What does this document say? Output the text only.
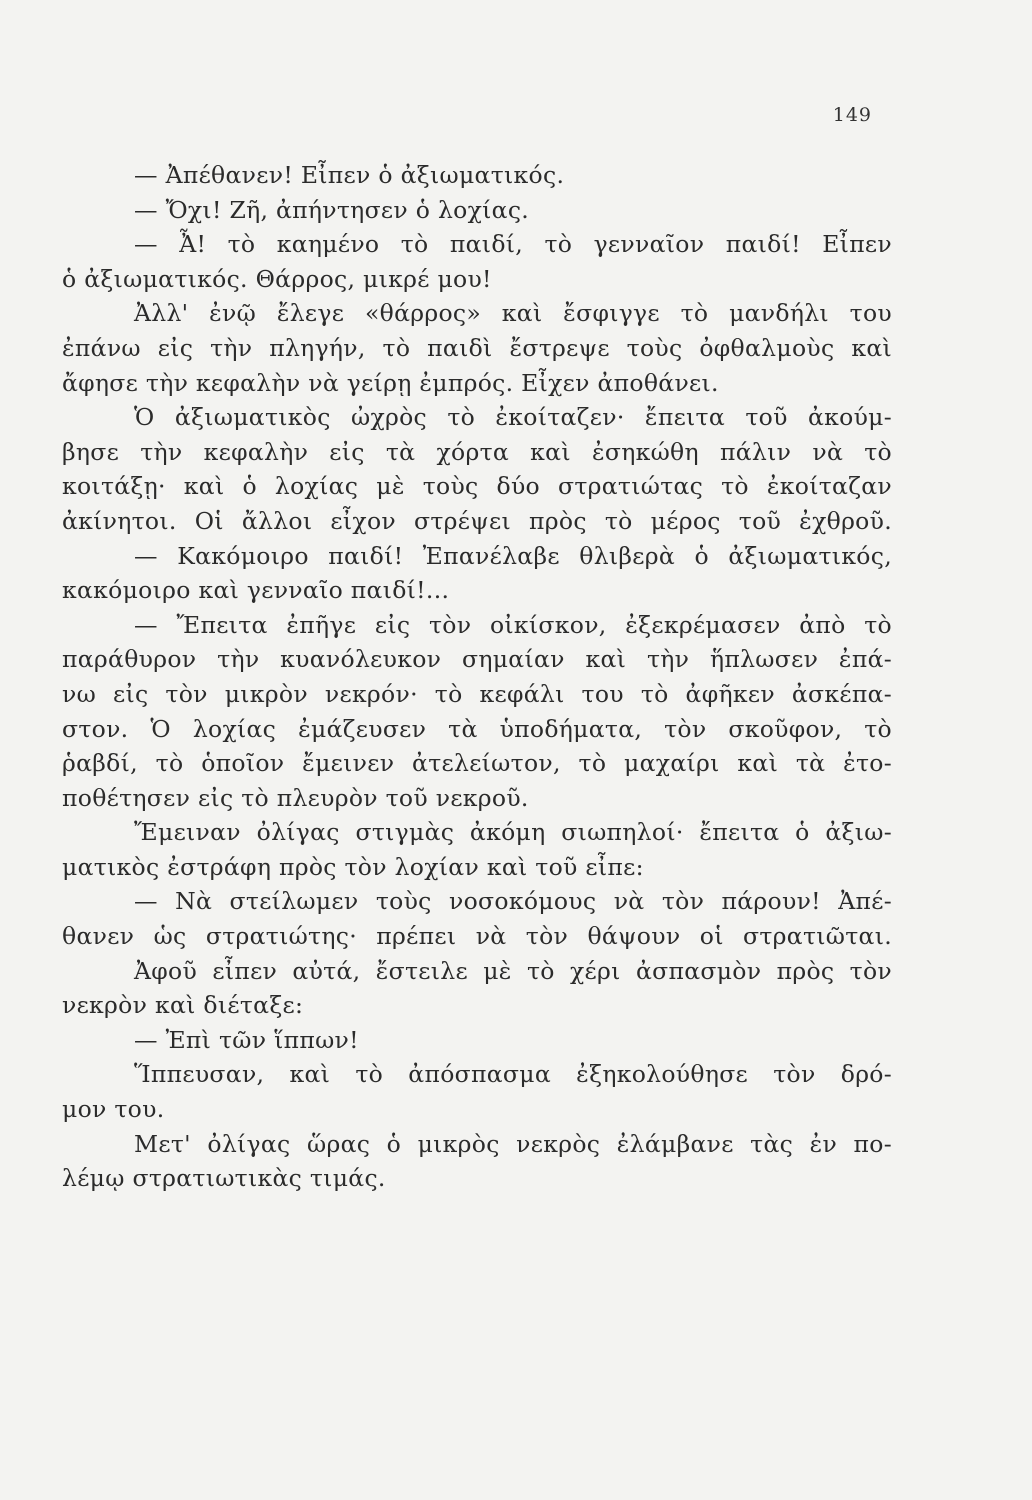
149
— Ἀπέθανεν! Εἶπεν ὁ ἀξιωματικός.
— Ὄχι! Ζῆ, ἀπήντησεν ὁ λοχίας.
— Ἆ! τὸ καημένο τὸ παιδί, τὸ γενναῖον παιδί! Εἶπεν
ὁ ἀξιωματικός. Θάρρος, μικρέ μου!
Ἀλλ' ἐνῷ ἔλεγε «θάρρος» καὶ ἔσφιγγε τὸ μανδήλι του
ἐπάνω εἰς τὴν πληγήν, τὸ παιδὶ ἔστρεψε τοὺς ὀφθαλμοὺς καὶ
ἄφησε τὴν κεφαλὴν νὰ γείρῃ ἐμπρός. Εἶχεν ἀποθάνει.
Ὁ ἀξιωματικὸς ὠχρὸς τὸ ἐκοίταζεν· ἔπειτα τοῦ ἀκούμ-
βησε τὴν κεφαλὴν εἰς τὰ χόρτα καὶ ἐσηκώθη πάλιν νὰ τὸ
κοιτάξῃ· καὶ ὁ λοχίας μὲ τοὺς δύο στρατιώτας τὸ ἐκοίταζαν
ἀκίνητοι. Οἱ ἄλλοι εἶχον στρέψει πρὸς τὸ μέρος τοῦ ἐχθροῦ.
— Κακόμοιρο παιδί! Ἐπανέλαβε θλιβερὰ ὁ ἀξιωματικός,
κακόμοιρο καὶ γενναῖο παιδί!...
— Ἔπειτα ἐπῆγε εἰς τὸν οἰκίσκον, ἐξεκρέμασεν ἀπὸ τὸ
παράθυρον τὴν κυανόλευκον σημαίαν καὶ τὴν ἥπλωσεν ἐπά-
νω εἰς τὸν μικρὸν νεκρόν· τὸ κεφάλι του τὸ ἀφῆκεν ἀσκέπα-
στον. Ὁ λοχίας ἐμάζευσεν τὰ ὑποδήματα, τὸν σκοῦφον, τὸ
ῥαβδί, τὸ ὁποῖον ἔμεινεν ἀτελείωτον, τὸ μαχαίρι καὶ τὰ ἐτο-
ποθέτησεν εἰς τὸ πλευρὸν τοῦ νεκροῦ.
Ἔμειναν ὀλίγας στιγμὰς ἀκόμη σιωπηλοί· ἔπειτα ὁ ἀξιω-
ματικὸς ἐστράφη πρὸς τὸν λοχίαν καὶ τοῦ εἶπε:
— Νὰ στείλωμεν τοὺς νοσοκόμους νὰ τὸν πάρουν! Ἀπέ-
θανεν ὡς στρατιώτης· πρέπει νὰ τὸν θάψουν οἱ στρατιῶται.
Ἀφοῦ εἶπεν αὐτά, ἔστειλε μὲ τὸ χέρι ἀσπασμὸν πρὸς τὸν
νεκρὸν καὶ διέταξε:
— Ἐπὶ τῶν ἵππων!
Ἵππευσαν, καὶ τὸ ἀπόσπασμα ἐξηκολούθησε τὸν δρό-
μον του.
Μετ' ὀλίγας ὥρας ὁ μικρὸς νεκρὸς ἐλάμβανε τὰς ἐν πο-
λέμῳ στρατιωτικὰς τιμάς.
